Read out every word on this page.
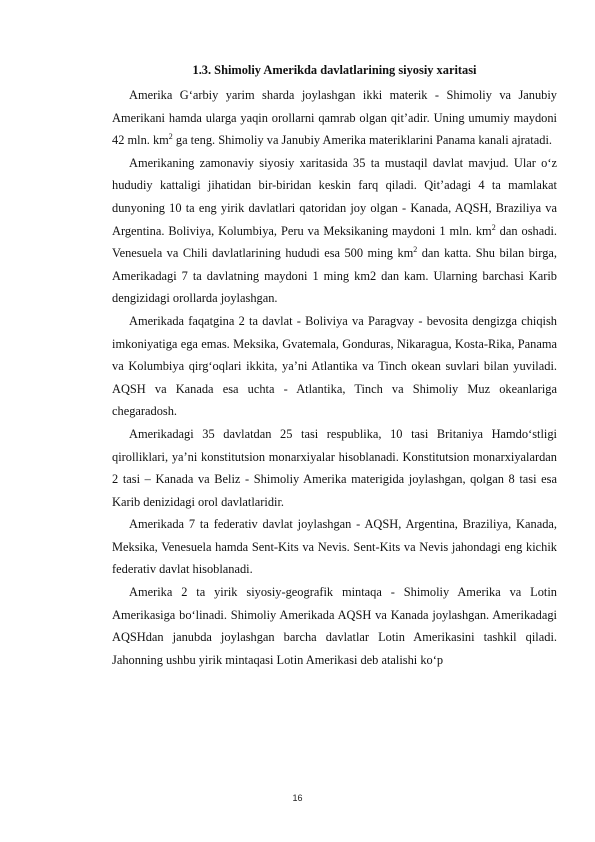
1.3. Shimoliy Amerikda davlatlarining siyosiy xaritasi

Amerika G‘arbiy yarim sharda joylashgan ikki materik - Shimoliy va Janubiy Amerikani hamda ularga yaqin orollarni qamrab olgan qit’adir. Uning umumiy maydoni 42 mln. $km^2$ ga teng. Shimoliy va Janubiy Amerika materiklarini Panama kanali ajratadi.

Amerikaning zamonaviy siyosiy xaritasida 35 ta mustaqil davlat mavjud. Ular o‘z hududiy kattaligi jihatidan bir-biridan keskin farq qiladi. Qit’adagi 4 ta mamlakat dunyoning 10 ta eng yirik davlatlari qatoridan joy olgan - Kanada, AQSH, Braziliya va Argentina. Boliviya, Kolumbiya, Peru va Meksikaning maydoni 1 mln. $km^2$ dan oshadi. Venesuela va Chili davlatlarining hududi esa 500 ming $km^2$ dan katta. Shu bilan birga, Amerikadagi 7 ta davlatning maydoni 1 ming km2 dan kam. Ularning barchasi Karib dengizidagi orollarda joylashgan.

Amerikada faqatgina 2 ta davlat - Boliviya va Paragvay - bevosita dengizga chiqish imkoniyatiga ega emas. Meksika, Gvatemala, Gonduras, Nikaragua, Kosta-Rika, Panama va Kolumbiya qirg‘oqlari ikkita, ya’ni Atlantika va Tinch okean suvlari bilan yuviladi. AQSH va Kanada esa uchta - Atlantika, Tinch va Shimoliy Muz okeanlariga chegaradosh.

Amerikadagi 35 davlatdan 25 tasi respublika, 10 tasi Britaniya Hamdo‘stligi qirolliklari, ya’ni konstitutsion monarxiyalar hisoblanadi. Konstitutsion monarxiyalardan 2 tasi – Kanada va Beliz - Shimoliy Amerika materigida joylashgan, qolgan 8 tasi esa Karib denizidagi orol davlatlaridir.

Amerikada 7 ta federativ davlat joylashgan - AQSH, Argentina, Braziliya, Kanada, Meksika, Venesuela hamda Sent-Kits va Nevis. Sent-Kits va Nevis jahondagi eng kichik federativ davlat hisoblanadi.

Amerika 2 ta yirik siyosiy-geografik mintaqa - Shimoliy Amerika va Lotin Amerikasiga bo‘linadi. Shimoliy Amerikada AQSH va Kanada joylashgan. Amerikadagi AQSHdan janubda joylashgan barcha davlatlar Lotin Amerikasini tashkil qiladi. Jahonning ushbu yirik mintaqasi Lotin Amerikasi deb atalishi ko‘p

16
